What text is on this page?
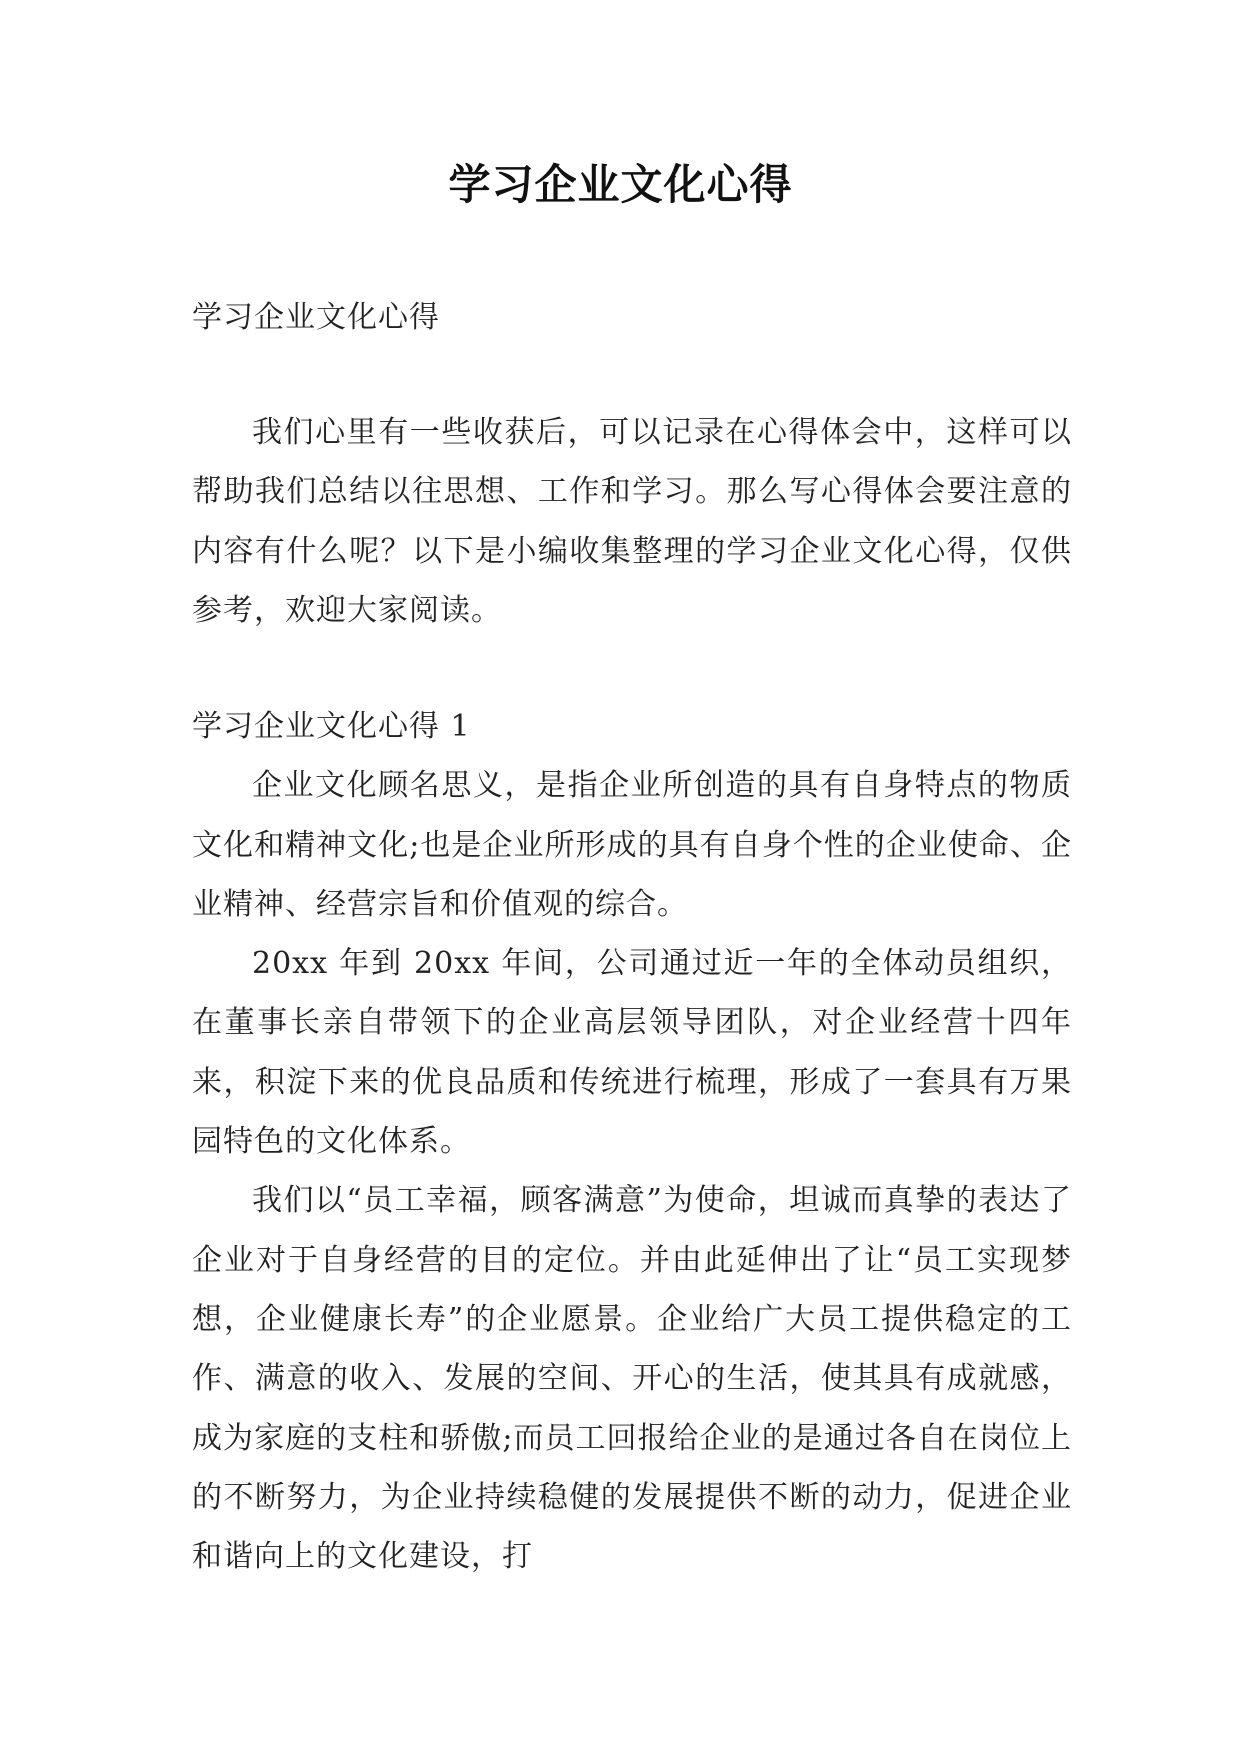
学习企业文化心得
学习企业文化心得

我们心里有一些收获后，可以记录在心得体会中，这样可以帮助我们总结以往思想、工作和学习。那么写心得体会要注意的内容有什么呢？以下是小编收集整理的学习企业文化心得，仅供参考，欢迎大家阅读。

学习企业文化心得 1

企业文化顾名思义，是指企业所创造的具有自身特点的物质文化和精神文化;也是企业所形成的具有自身个性的企业使命、企业精神、经营宗旨和价值观的综合。

20xx 年到 20xx 年间，公司通过近一年的全体动员组织，在董事长亲自带领下的企业高层领导团队，对企业经营十四年来，积淀下来的优良品质和传统进行梳理，形成了一套具有万果园特色的文化体系。

我们以“员工幸福，顾客满意”为使命，坦诚而真挚的表达了企业对于自身经营的目的定位。并由此延伸出了让“员工实现梦想，企业健康长寿”的企业愿景。企业给广大员工提供稳定的工作、满意的收入、发展的空间、开心的生活，使其具有成就感，成为家庭的支柱和骄傲;而员工回报给企业的是通过各自在岗位上的不断努力，为企业持续稳健的发展提供不断的动力，促进企业和谐向上的文化建设，打
